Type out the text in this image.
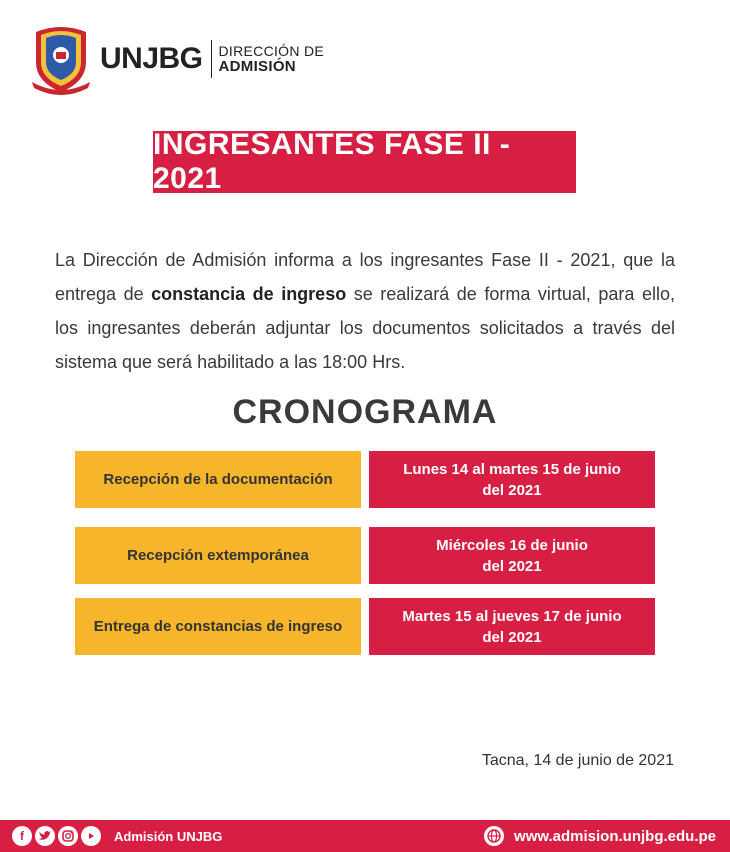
UNJBG DIRECCIÓN DE
ADMISIÓN
INGRESANTES FASE II - 2021

La Dirección de Admisión informa a los ingresantes Fase II - 2021, que la entrega de constancia de ingreso se realizará de forma virtual, para ello, los ingresantes deberán adjuntar los documentos solicitados a través del sistema que será habilitado a las 18:00 Hrs.

CRONOGRAMA
Recepción de la documentación
Lunes 14 al martes 15 de junio
del 2021
Recepción extemporánea
Miércoles 16 de junio
del 2021
Entrega de constancias de ingreso
Martes 15 al jueves 17 de junio
del 2021
Tacna, 14 de junio de 2021
f	Admisión UNJBG	www.admision.unjbg.edu.pe
